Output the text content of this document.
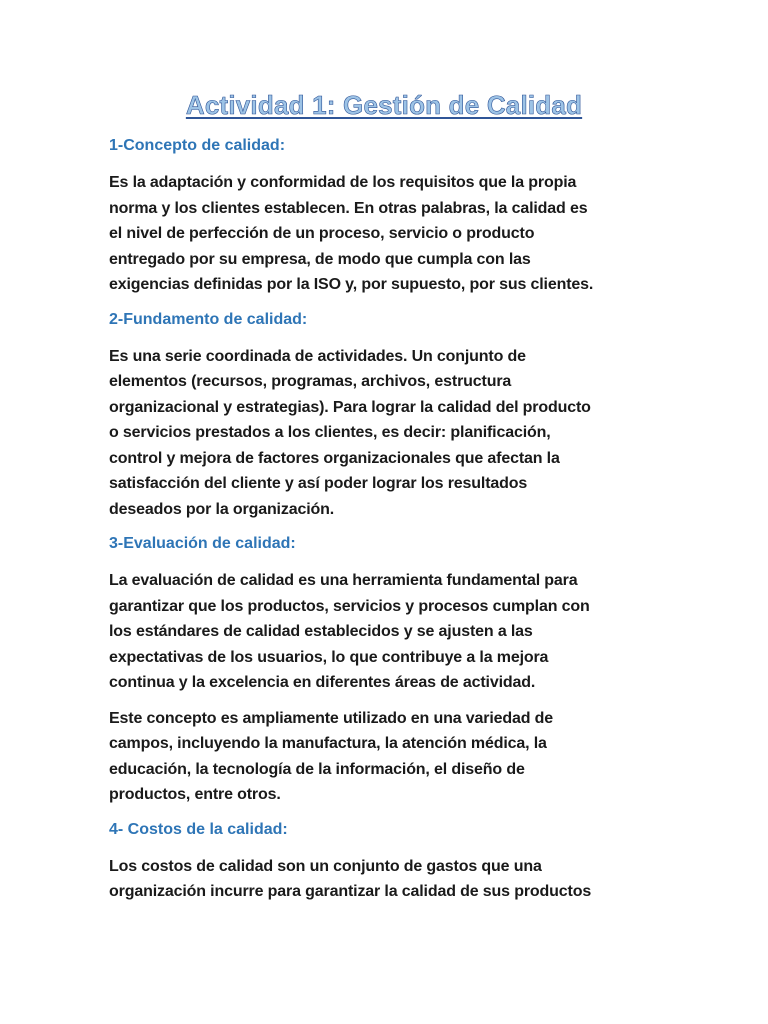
Actividad 1: Gestión de Calidad
1-Concepto de calidad:

Es la adaptación y conformidad de los requisitos que la propia
norma y los clientes establecen. En otras palabras, la calidad es
el nivel de perfección de un proceso, servicio o producto
entregado por su empresa, de modo que cumpla con las
exigencias definidas por la ISO y, por supuesto, por sus clientes.

2-Fundamento de calidad:

Es una serie coordinada de actividades. Un conjunto de
elementos (recursos, programas, archivos, estructura
organizacional y estrategias). Para lograr la calidad del producto
o servicios prestados a los clientes, es decir: planificación,
control y mejora de factores organizacionales que afectan la
satisfacción del cliente y así poder lograr los resultados
deseados por la organización.

3-Evaluación de calidad:

La evaluación de calidad es una herramienta fundamental para
garantizar que los productos, servicios y procesos cumplan con
los estándares de calidad establecidos y se ajusten a las
expectativas de los usuarios, lo que contribuye a la mejora
continua y la excelencia en diferentes áreas de actividad.

Este concepto es ampliamente utilizado en una variedad de
campos, incluyendo la manufactura, la atención médica, la
educación, la tecnología de la información, el diseño de
productos, entre otros.

4- Costos de la calidad:

Los costos de calidad son un conjunto de gastos que una
organización incurre para garantizar la calidad de sus productos
